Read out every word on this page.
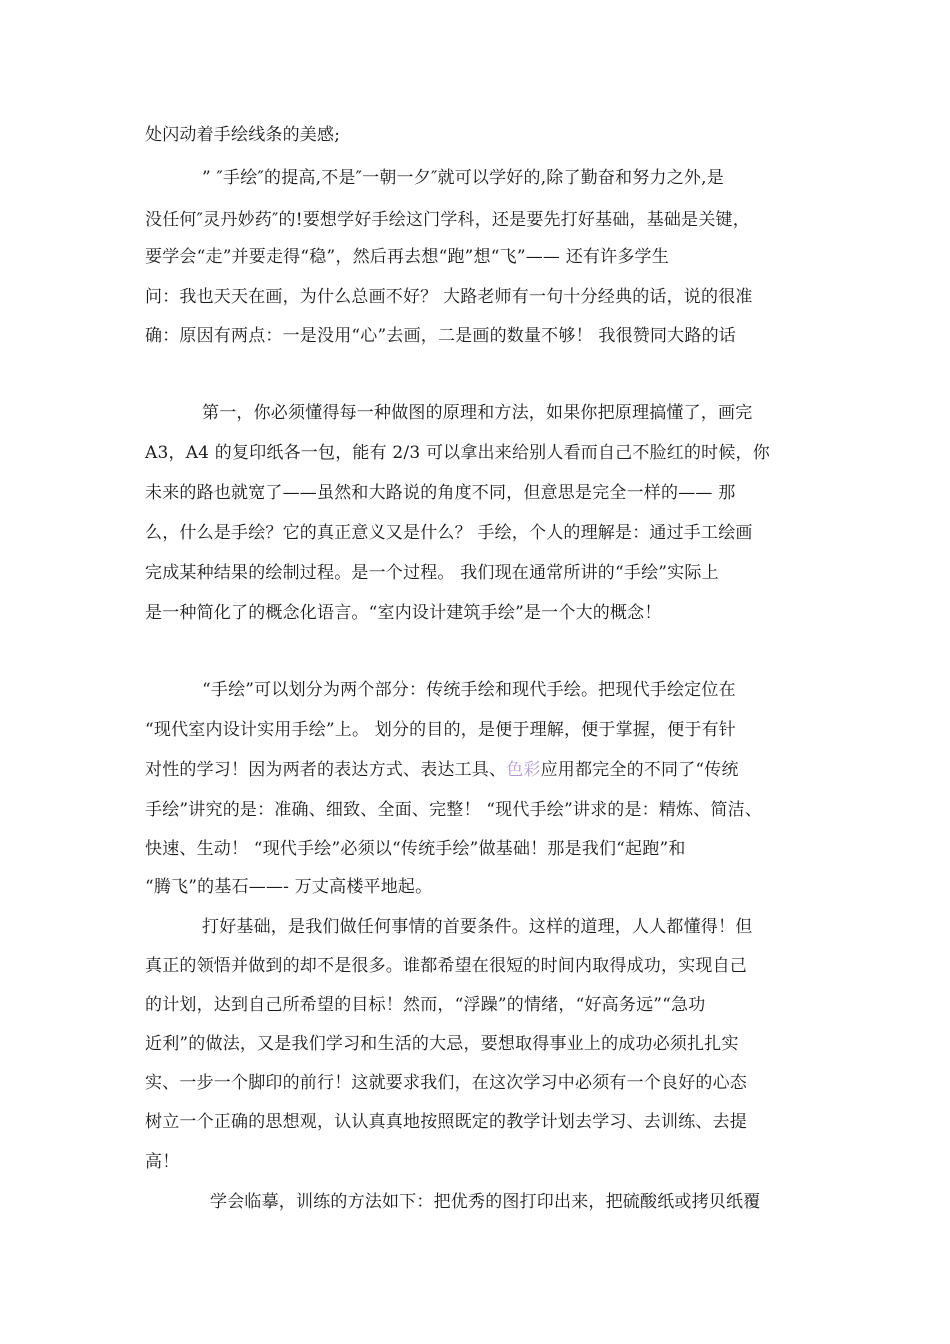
处闪动着手绘线条的美感;
” ″手绘″的提高,不是″一朝一夕″就可以学好的,除了勤奋和努力之外,是
没任何″灵丹妙药″的!要想学好手绘这门学科，还是要先打好基础，基础是关键，
要学会“走”并要走得“稳”，然后再去想“跑”想“飞”—— 还有许多学生
问：我也天天在画，为什么总画不好？ 大路老师有一句十分经典的话，说的很准
确：原因有两点：一是没用“心”去画，二是画的数量不够！ 我很赞同大路的话
第一，你必须懂得每一种做图的原理和方法，如果你把原理搞懂了，画完
A3，A4 的复印纸各一包，能有 2/3 可以拿出来给别人看而自己不脸红的时候，你
未来的路也就宽了——虽然和大路说的角度不同，但意思是完全一样的—— 那
么，什么是手绘？它的真正意义又是什么？ 手绘，个人的理解是：通过手工绘画
完成某种结果的绘制过程。是一个过程。 我们现在通常所讲的“手绘”实际上
是一种简化了的概念化语言。“室内设计建筑手绘”是一个大的概念！
“手绘”可以划分为两个部分：传统手绘和现代手绘。把现代手绘定位在
“现代室内设计实用手绘”上。 划分的目的，是便于理解，便于掌握，便于有针
对性的学习！因为两者的表达方式、表达工具、色彩应用都完全的不同了“传统
手绘”讲究的是：准确、细致、全面、完整！ “现代手绘”讲求的是：精炼、简洁、
快速、生动！ “现代手绘”必须以“传统手绘”做基础！那是我们“起跑”和
“腾飞”的基石——- 万丈高楼平地起。
打好基础，是我们做任何事情的首要条件。这样的道理，人人都懂得！但
真正的领悟并做到的却不是很多。谁都希望在很短的时间内取得成功，实现自己
的计划，达到自己所希望的目标！然而，“浮躁”的情绪，“好高务远”“急功
近利”的做法，又是我们学习和生活的大忌，要想取得事业上的成功必须扎扎实
实、一步一个脚印的前行！这就要求我们，在这次学习中必须有一个良好的心态
树立一个正确的思想观，认认真真地按照既定的教学计划去学习、去训练、去提
高！
学会临摹，训练的方法如下：把优秀的图打印出来，把硫酸纸或拷贝纸覆
